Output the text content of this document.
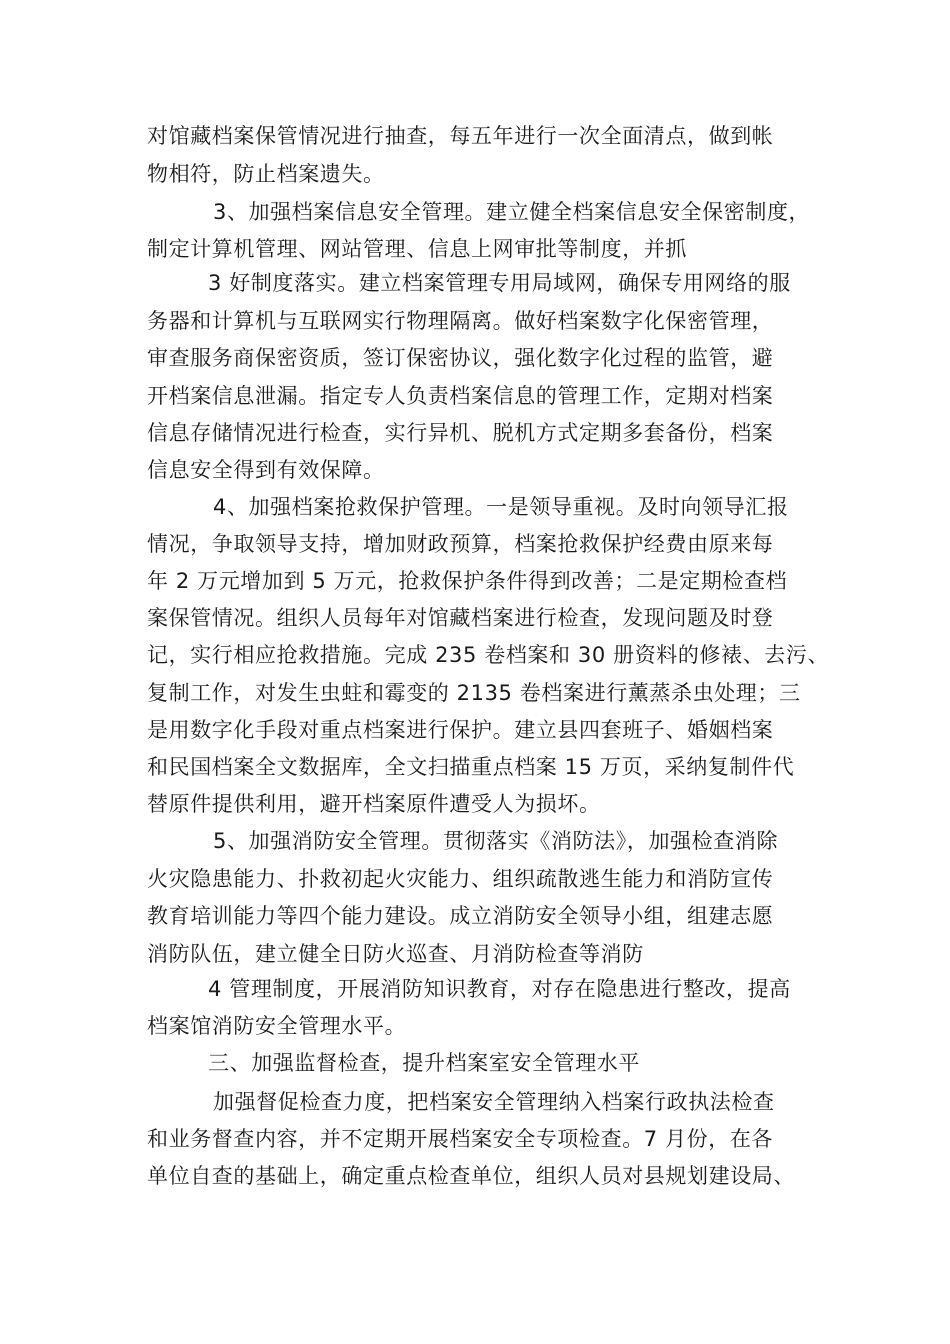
对馆藏档案保管情况进行抽查，每五年进行一次全面清点，做到帐
物相符，防止档案遗失。
3、加强档案信息安全管理。建立健全档案信息安全保密制度，
制定计算机管理、网站管理、信息上网审批等制度，并抓
3 好制度落实。建立档案管理专用局域网，确保专用网络的服
务器和计算机与互联网实行物理隔离。做好档案数字化保密管理，
审查服务商保密资质，签订保密协议，强化数字化过程的监管，避
开档案信息泄漏。指定专人负责档案信息的管理工作，定期对档案
信息存储情况进行检查，实行异机、脱机方式定期多套备份，档案
信息安全得到有效保障。
4、加强档案抢救保护管理。一是领导重视。及时向领导汇报
情况，争取领导支持，增加财政预算，档案抢救保护经费由原来每
年 2 万元增加到 5 万元，抢救保护条件得到改善；二是定期检查档
案保管情况。组织人员每年对馆藏档案进行检查，发现问题及时登
记，实行相应抢救措施。完成 235 卷档案和 30 册资料的修裱、去污、
复制工作，对发生虫蛀和霉变的 2135 卷档案进行薰蒸杀虫处理；三
是用数字化手段对重点档案进行保护。建立县四套班子、婚姻档案
和民国档案全文数据库，全文扫描重点档案 15 万页，采纳复制件代
替原件提供利用，避开档案原件遭受人为损坏。
5、加强消防安全管理。贯彻落实《消防法》，加强检查消除
火灾隐患能力、扑救初起火灾能力、组织疏散逃生能力和消防宣传
教育培训能力等四个能力建设。成立消防安全领导小组，组建志愿
消防队伍，建立健全日防火巡查、月消防检查等消防
4 管理制度，开展消防知识教育，对存在隐患进行整改，提高
档案馆消防安全管理水平。
三、加强监督检查，提升档案室安全管理水平
加强督促检查力度，把档案安全管理纳入档案行政执法检查
和业务督查内容，并不定期开展档案安全专项检查。7 月份，在各
单位自查的基础上，确定重点检查单位，组织人员对县规划建设局、
